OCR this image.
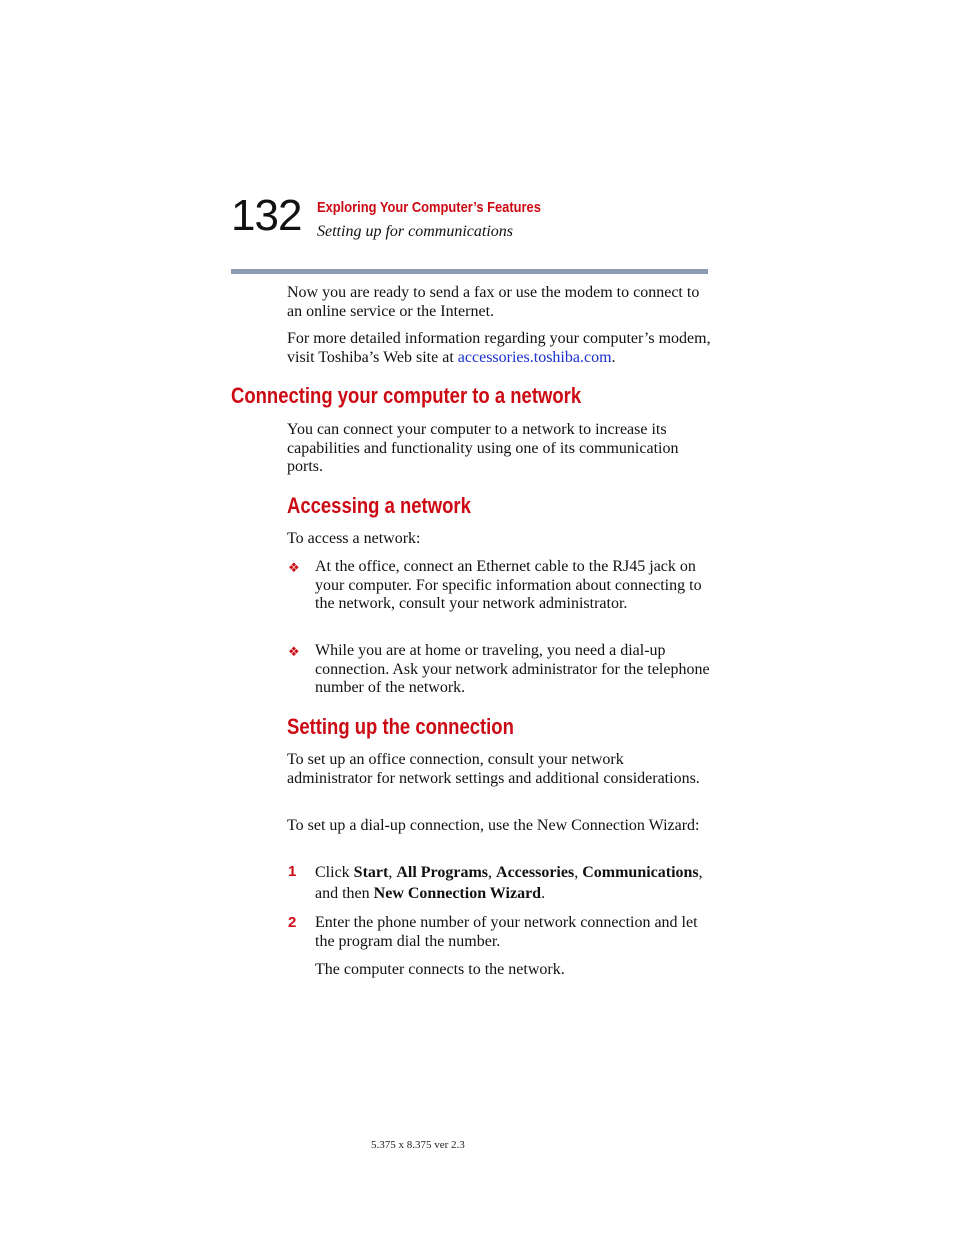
132 Exploring Your Computer’s Features
Setting up for communications
Now you are ready to send a fax or use the modem to connect to an online service or the Internet.
For more detailed information regarding your computer’s modem, visit Toshiba’s Web site at accessories.toshiba.com.
Connecting your computer to a network
You can connect your computer to a network to increase its capabilities and functionality using one of its communication ports.
Accessing a network
To access a network:
❖ At the office, connect an Ethernet cable to the RJ45 jack on your computer. For specific information about connecting to the network, consult your network administrator.
❖ While you are at home or traveling, you need a dial-up connection. Ask your network administrator for the telephone number of the network.
Setting up the connection
To set up an office connection, consult your network administrator for network settings and additional considerations.
To set up a dial-up connection, use the New Connection Wizard:
1 Click Start, All Programs, Accessories, Communications, and then New Connection Wizard.
2 Enter the phone number of your network connection and let the program dial the number.
The computer connects to the network.
5.375 x 8.375 ver 2.3
